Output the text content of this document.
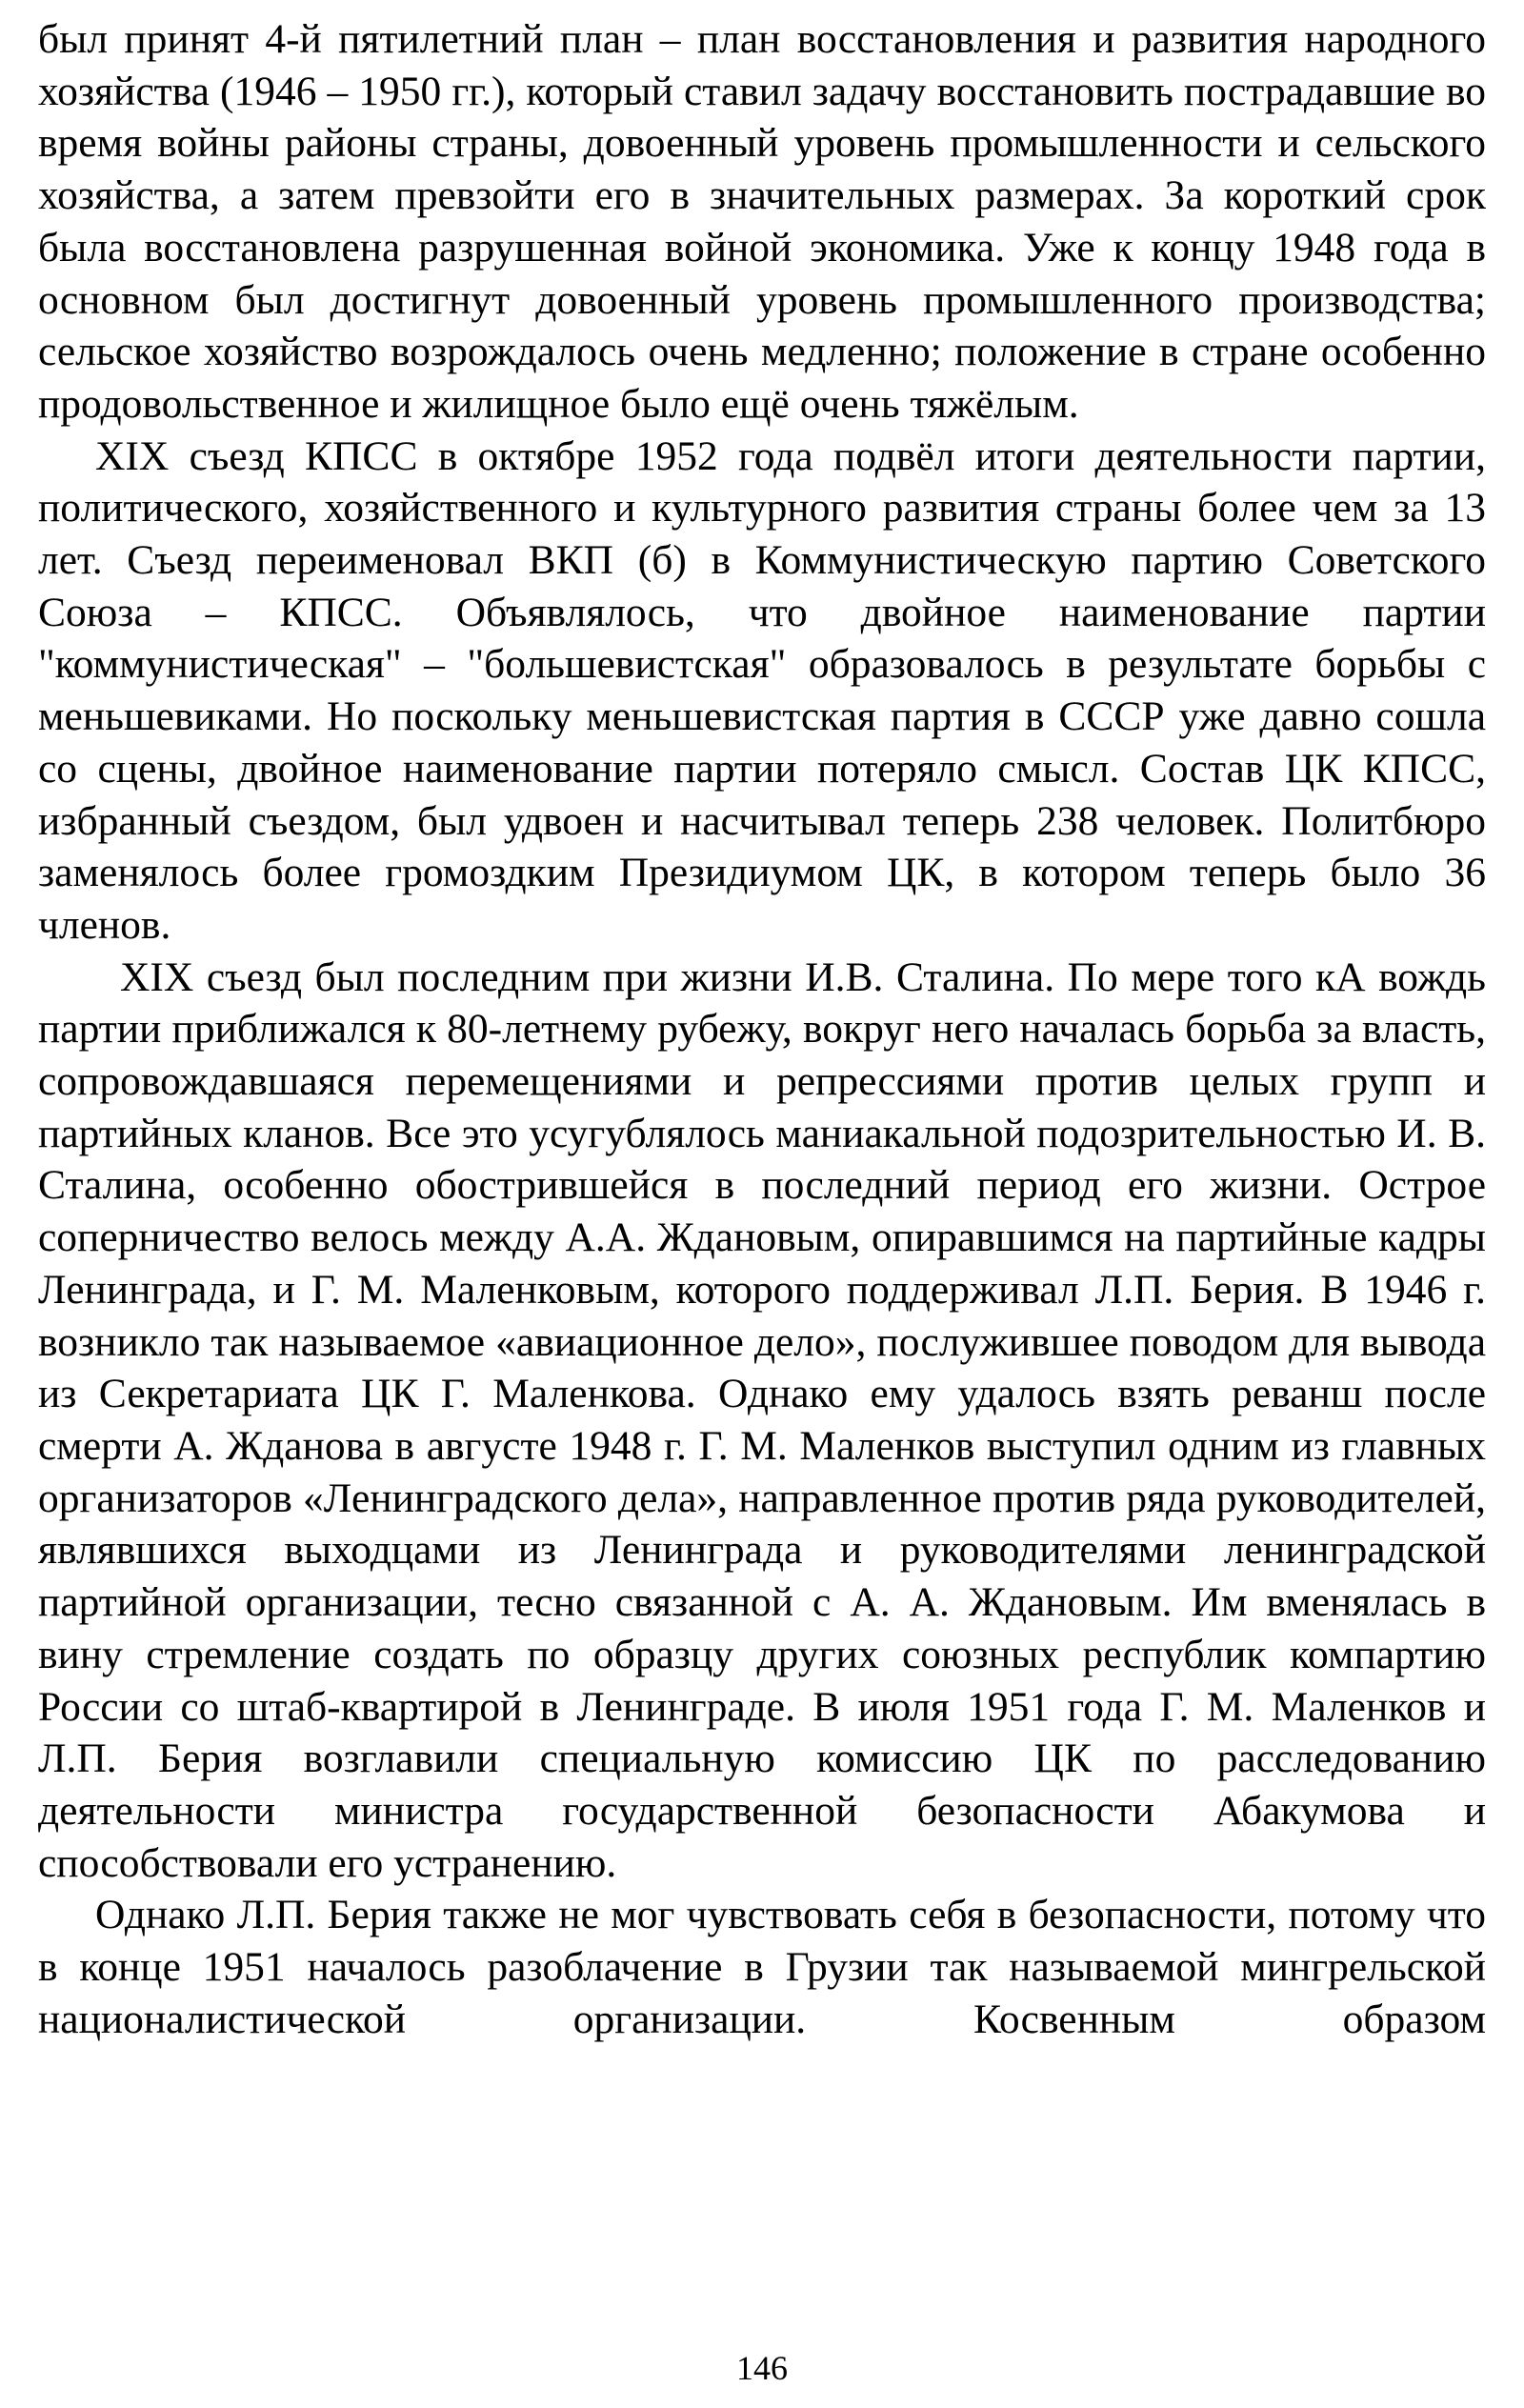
был принят 4-й пятилетний план – план восстановления и развития народного хозяйства (1946 – 1950 гг.), который ставил задачу восстановить пострадавшие во время войны районы страны, довоенный уровень промышленности и сельского хозяйства, а затем превзойти его в значительных размерах. За короткий срок была восстановлена разрушенная войной экономика. Уже к концу 1948 года в основном был достигнут довоенный уровень промышленного производства; сельское хозяйство возрождалось очень медленно; положение в стране особенно продовольственное и жилищное было ещё очень тяжёлым.

XIX съезд КПСС в октябре 1952 года подвёл итоги деятельности партии, политического, хозяйственного и культурного развития страны более чем за 13 лет. Съезд переименовал ВКП (б) в Коммунистическую партию Советского Союза – КПСС. Объявлялось, что двойное наименование партии "коммунистическая" – "большевистская" образовалось в результате борьбы с меньшевиками. Но поскольку меньшевистская партия в СССР уже давно сошла со сцены, двойное наименование партии потеряло смысл. Состав ЦК КПСС, избранный съездом, был удвоен и насчитывал теперь 238 человек. Политбюро заменялось более громоздким Президиумом ЦК, в котором теперь было 36 членов.

XIX съезд был последним при жизни И.В. Сталина. По мере того кА вождь партии приближался к 80-летнему рубежу, вокруг него началась борьба за власть, сопровождавшаяся перемещениями и репрессиями против целых групп и партийных кланов. Все это усугублялось маниакальной подозрительностью И. В. Сталина, особенно обострившейся в последний период его жизни. Острое соперничество велось между А.А. Ждановым, опиравшимся на партийные кадры Ленинграда, и Г. М. Маленковым, которого поддерживал Л.П. Берия. В 1946 г. возникло так называемое «авиационное дело», послужившее поводом для вывода из Секретариата ЦК Г. Маленкова. Однако ему удалось взять реванш после смерти А. Жданова в августе 1948 г. Г. М. Маленков выступил одним из главных организаторов «Ленинградского дела», направленное против ряда руководителей, являвшихся выходцами из Ленинграда и руководителями ленинградской партийной организации, тесно связанной с А. А. Ждановым. Им вменялась в вину стремление создать по образцу других союзных республик компартию России со штаб-квартирой в Ленинграде. В июля 1951 года Г. М. Маленков и Л.П. Берия возглавили специальную комиссию ЦК по расследованию деятельности министра государственной безопасности Абакумова и способствовали его устранению.

Однако Л.П. Берия также не мог чувствовать себя в безопасности, потому что в конце 1951 началось разоблачение в Грузии так называемой мингрельской националистической организации. Косвенным образом

146
